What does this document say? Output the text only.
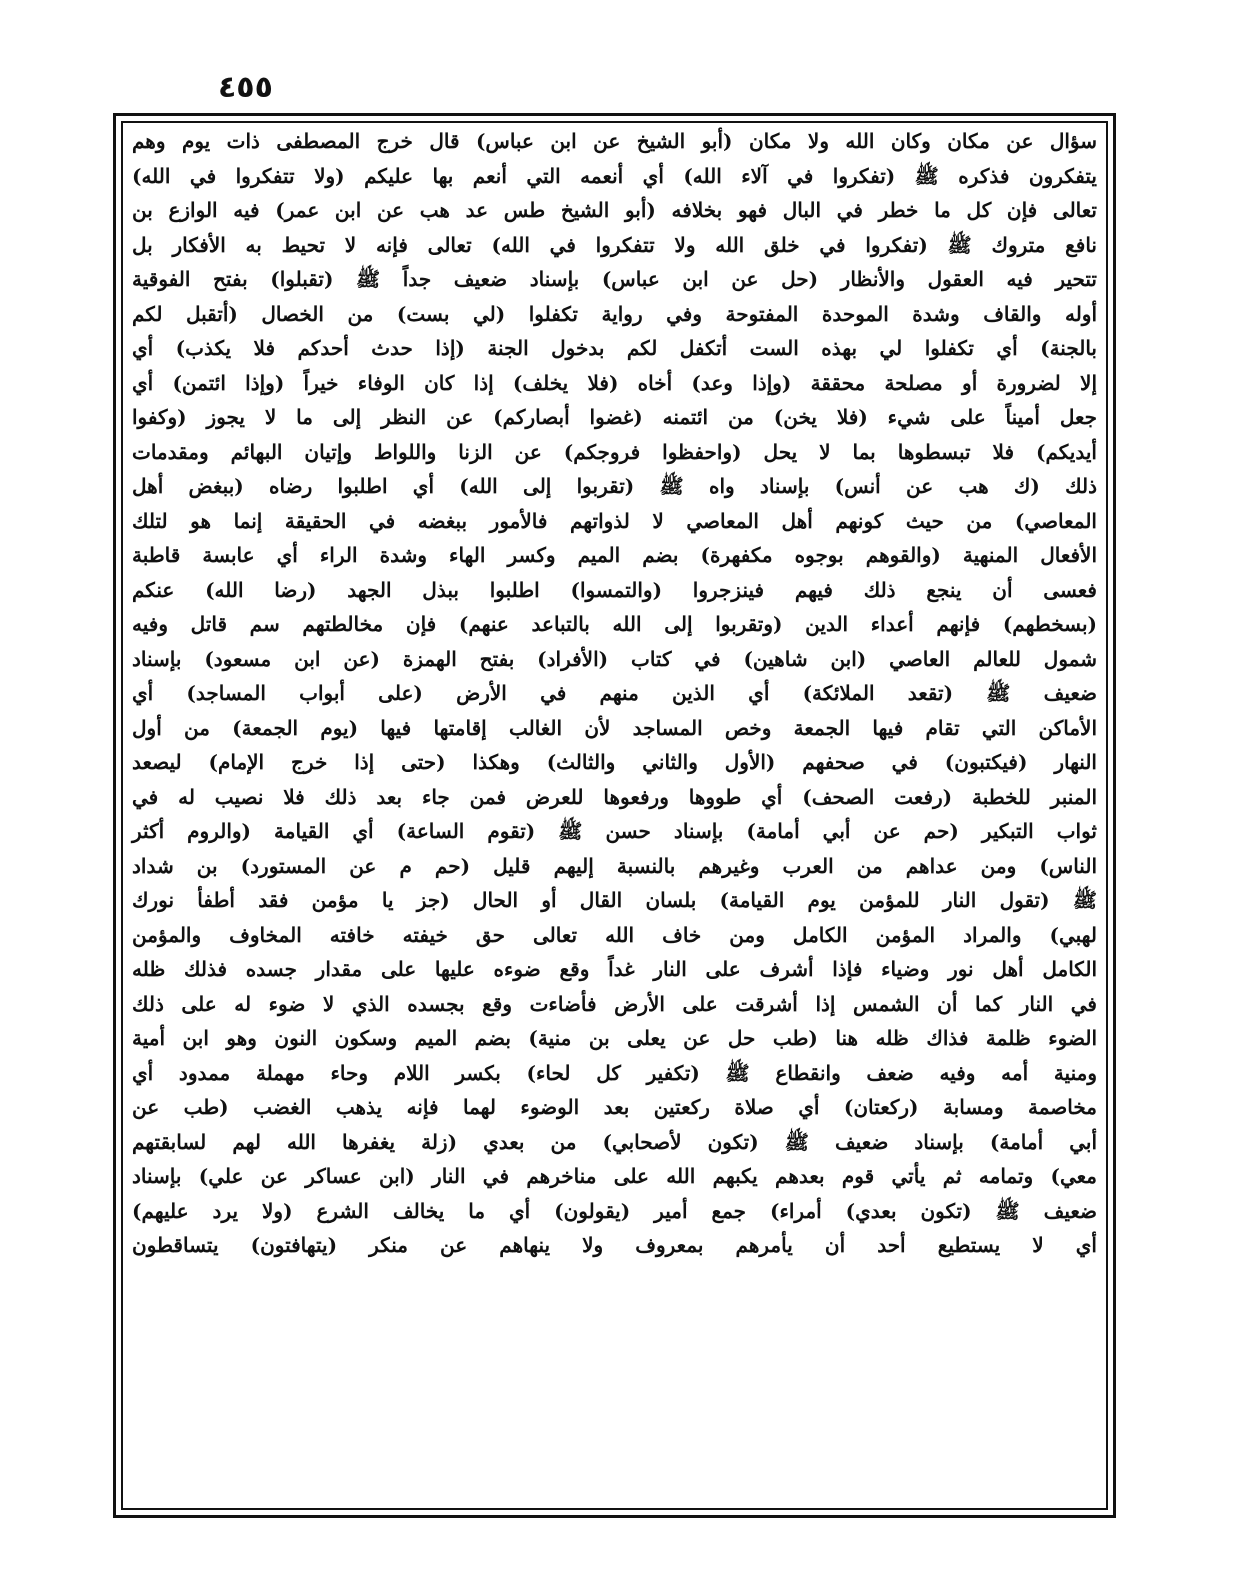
٤٥٥
سؤال عن مكان وكان الله ولا مكان (أبو الشيخ عن ابن عباس) قال خرج المصطفى ذات يوم وهم
يتفكرون فذكره ﷺ (تفكروا في آلاء الله) أي أنعمه التي أنعم بها عليكم (ولا تتفكروا في الله)
تعالى فإن كل ما خطر في البال فهو بخلافه (أبو الشيخ طس عد هب عن ابن عمر) فيه الوازع بن
نافع متروك ﷺ (تفكروا في خلق الله ولا تتفكروا في الله) تعالى فإنه لا تحيط به الأفكار بل
تتحير فيه العقول والأنظار (حل عن ابن عباس) بإسناد ضعيف جداً ﷺ (تقبلوا) بفتح الفوقية
أوله والقاف وشدة الموحدة المفتوحة وفي رواية تكفلوا (لي بست) من الخصال (أتقبل لكم
بالجنة) أي تكفلوا لي بهذه الست أتكفل لكم بدخول الجنة (إذا حدث أحدكم فلا يكذب) أي
إلا لضرورة أو مصلحة محققة (وإذا وعد) أخاه (فلا يخلف) إذا كان الوفاء خيراً (وإذا ائتمن) أي
جعل أميناً على شيء (فلا يخن) من ائتمنه (غضوا أبصاركم) عن النظر إلى ما لا يجوز (وكفوا
أيديكم) فلا تبسطوها بما لا يحل (واحفظوا فروجكم) عن الزنا واللواط وإتيان البهائم ومقدمات
ذلك (ك هب عن أنس) بإسناد واه ﷺ (تقربوا إلى الله) أي اطلبوا رضاه (ببغض أهل
المعاصي) من حيث كونهم أهل المعاصي لا لذواتهم فالأمور ببغضه في الحقيقة إنما هو لتلك
الأفعال المنهية (والقوهم بوجوه مكفهرة) بضم الميم وكسر الهاء وشدة الراء أي عابسة قاطبة
فعسى أن ينجع ذلك فيهم فينزجروا (والتمسوا) اطلبوا ببذل الجهد (رضا الله) عنكم
(بسخطهم) فإنهم أعداء الدين (وتقربوا إلى الله بالتباعد عنهم) فإن مخالطتهم سم قاتل وفيه
شمول للعالم العاصي (ابن شاهين) في كتاب (الأفراد) بفتح الهمزة (عن ابن مسعود) بإسناد
ضعيف ﷺ (تقعد الملائكة) أي الذين منهم في الأرض (على أبواب المساجد) أي
الأماكن التي تقام فيها الجمعة وخص المساجد لأن الغالب إقامتها فيها (يوم الجمعة) من أول
النهار (فيكتبون) في صحفهم (الأول والثاني والثالث) وهكذا (حتى إذا خرج الإمام) ليصعد
المنبر للخطبة (رفعت الصحف) أي طووها ورفعوها للعرض فمن جاء بعد ذلك فلا نصيب له في
ثواب التبكير (حم عن أبي أمامة) بإسناد حسن ﷺ (تقوم الساعة) أي القيامة (والروم أكثر
الناس) ومن عداهم من العرب وغيرهم بالنسبة إليهم قليل (حم م عن المستورد) بن شداد
ﷺ (تقول النار للمؤمن يوم القيامة) بلسان القال أو الحال (جز يا مؤمن فقد أطفأ نورك
لهبي) والمراد المؤمن الكامل ومن خاف الله تعالى حق خيفته خافته المخاوف والمؤمن
الكامل أهل نور وضياء فإذا أشرف على النار غداً وقع ضوءه عليها على مقدار جسده فذلك ظله
في النار كما أن الشمس إذا أشرقت على الأرض فأضاءت وقع بجسده الذي لا ضوء له على ذلك
الضوء ظلمة فذاك ظله هنا (طب حل عن يعلى بن منية) بضم الميم وسكون النون وهو ابن أمية
ومنية أمه وفيه ضعف وانقطاع ﷺ (تكفير كل لحاء) بكسر اللام وحاء مهملة ممدود أي
مخاصمة ومسابة (ركعتان) أي صلاة ركعتين بعد الوضوء لهما فإنه يذهب الغضب (طب عن
أبي أمامة) بإسناد ضعيف ﷺ (تكون لأصحابي) من بعدي (زلة يغفرها الله لهم لسابقتهم
معي) وتمامه ثم يأتي قوم بعدهم يكبهم الله على مناخرهم في النار (ابن عساكر عن علي) بإسناد
ضعيف ﷺ (تكون بعدي) أمراء) جمع أمير (يقولون) أي ما يخالف الشرع (ولا يرد عليهم)
أي لا يستطيع أحد أن يأمرهم بمعروف ولا ينهاهم عن منكر (يتهافتون) يتساقطون
